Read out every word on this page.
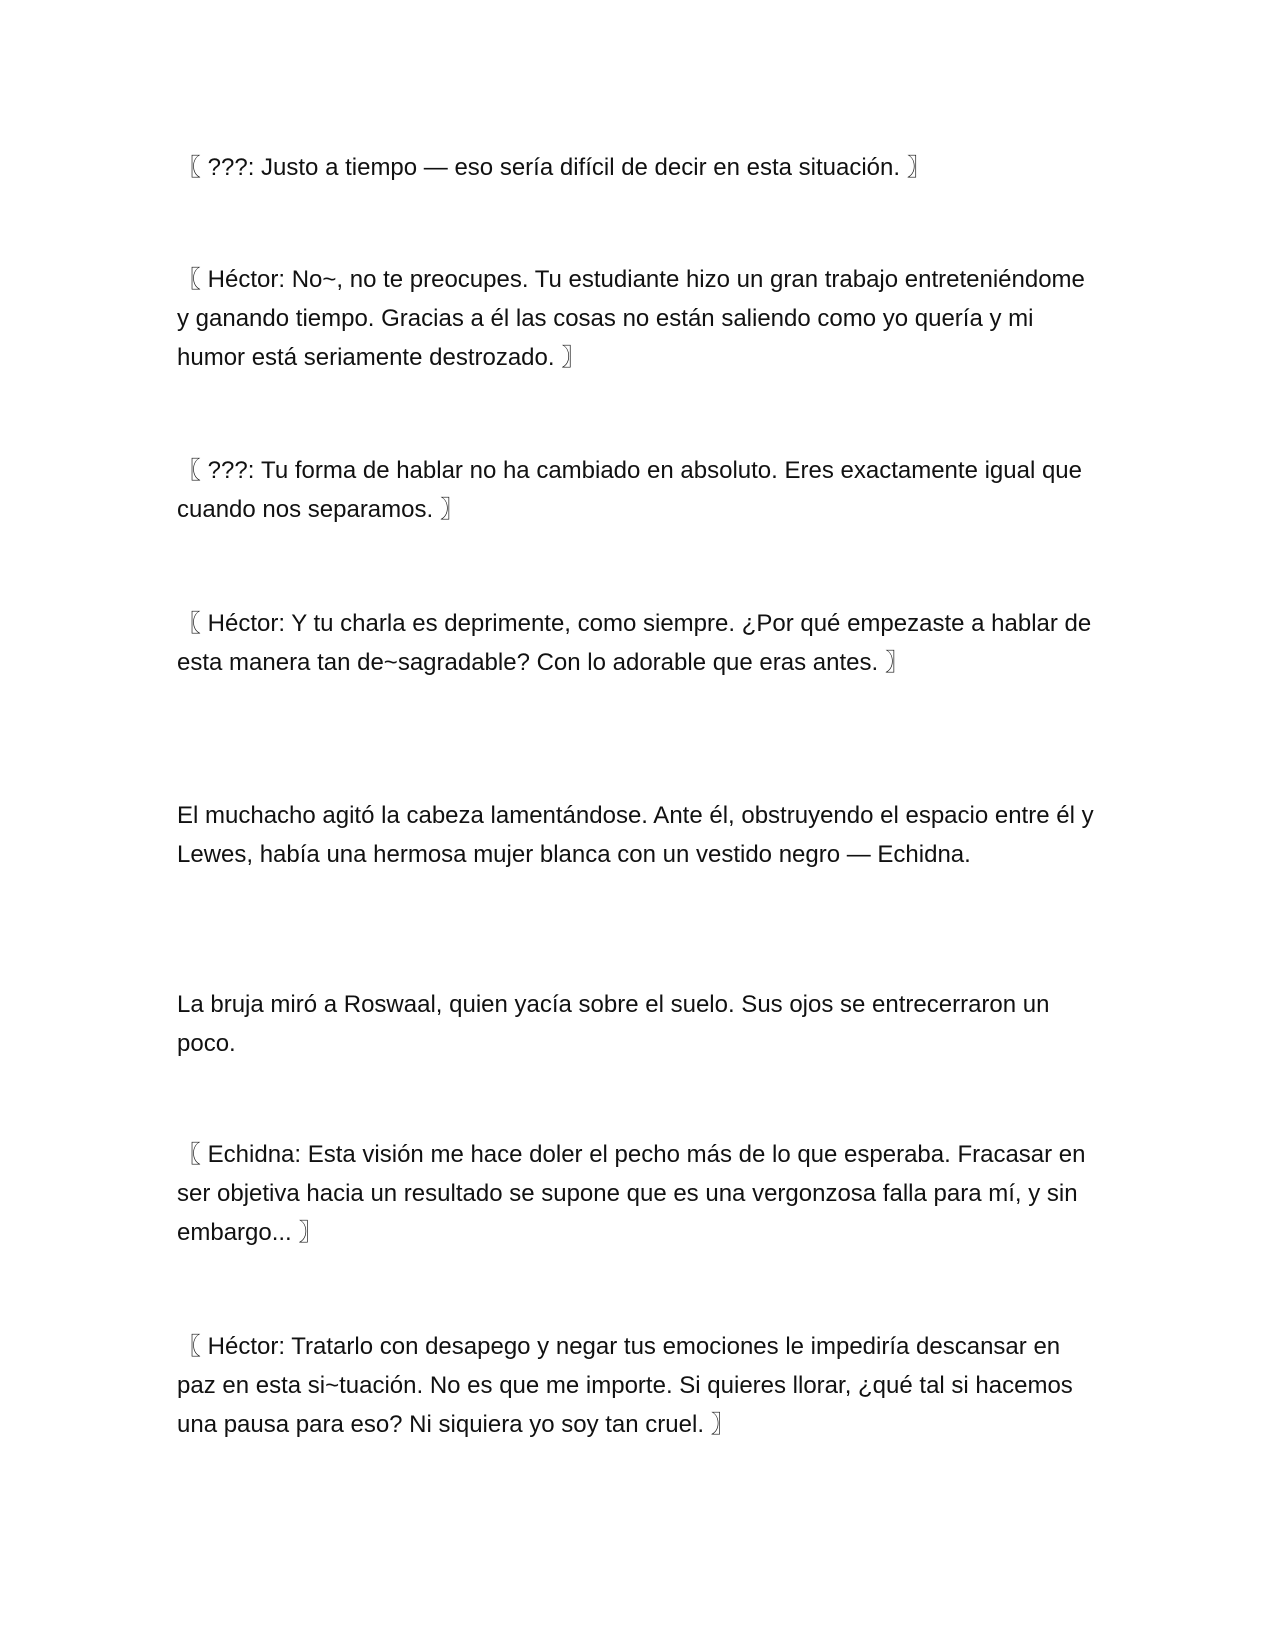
〖 ???: Justo a tiempo — eso sería difícil de decir en esta situación. 〗

〖 Héctor: No~, no te preocupes. Tu estudiante hizo un gran trabajo entreteniéndome y ganando tiempo. Gracias a él las cosas no están saliendo como yo quería y mi humor está seriamente destrozado. 〗

〖 ???: Tu forma de hablar no ha cambiado en absoluto. Eres exactamente igual que cuando nos separamos. 〗

〖 Héctor: Y tu charla es deprimente, como siempre. ¿Por qué empezaste a hablar de esta manera tan de~sagradable? Con lo adorable que eras antes. 〗

El muchacho agitó la cabeza lamentándose. Ante él, obstruyendo el espacio entre él y Lewes, había una hermosa mujer blanca con un vestido negro — Echidna.

La bruja miró a Roswaal, quien yacía sobre el suelo. Sus ojos se entrecerraron un poco.

〖 Echidna: Esta visión me hace doler el pecho más de lo que esperaba. Fracasar en ser objetiva hacia un resultado se supone que es una vergonzosa falla para mí, y sin embargo... 〗

〖 Héctor: Tratarlo con desapego y negar tus emociones le impediría descansar en paz en esta si~tuación. No es que me importe. Si quieres llorar, ¿qué tal si hacemos una pausa para eso? Ni siquiera yo soy tan cruel. 〗
